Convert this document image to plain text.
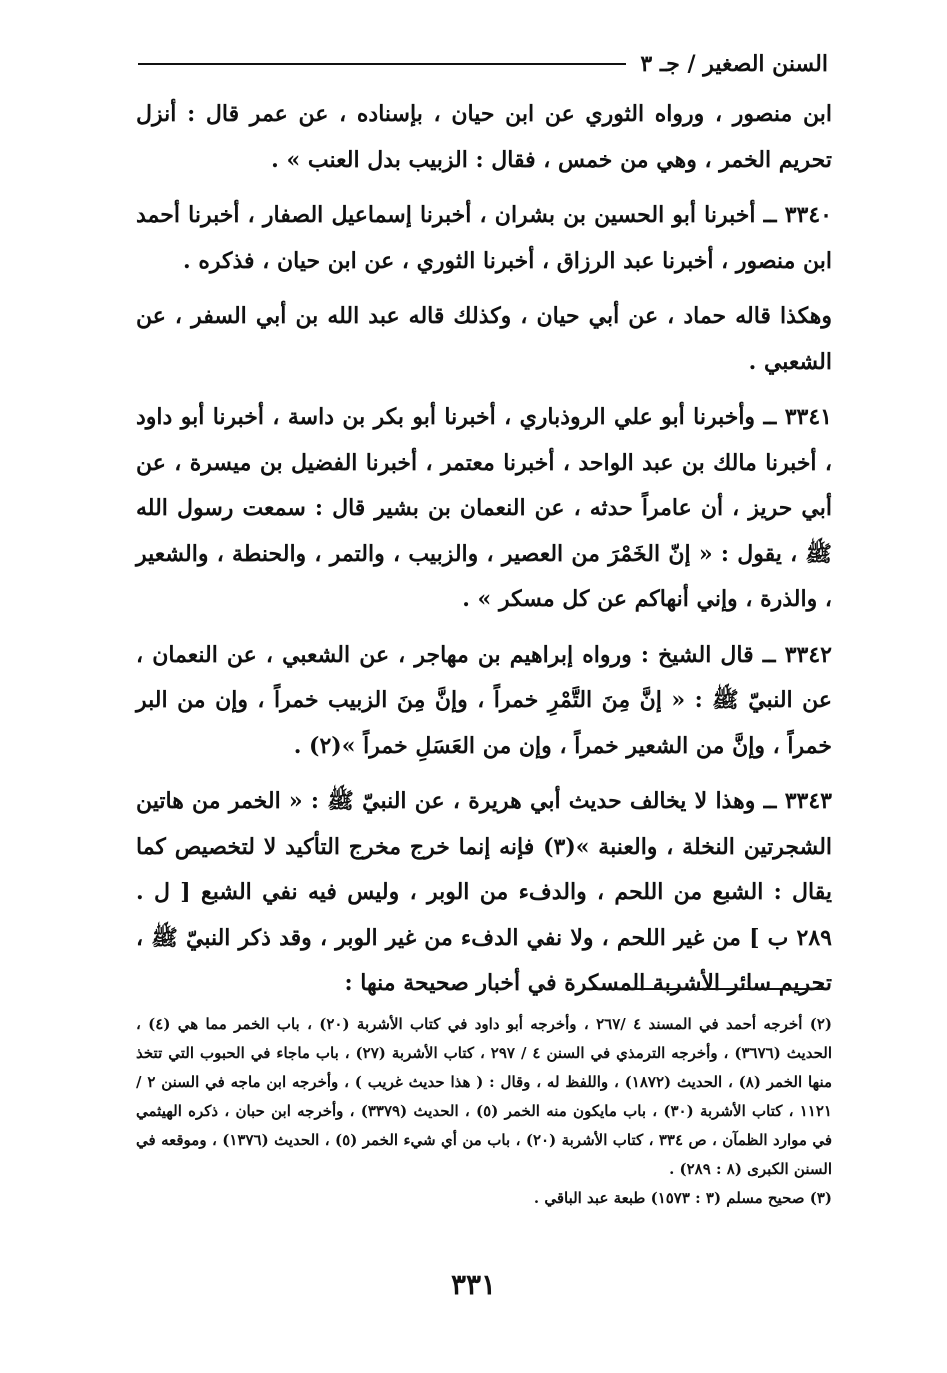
السنن الصغير / جـ ٣

ابن منصور ، ورواه الثوري عن ابن حيان ، بإسناده ، عن عمر قال : أنزل تحريم الخمر ، وهي من خمس ، فقال : الزبيب بدل العنب » .

٣٣٤٠ ــ أخبرنا أبو الحسين بن بشران ، أخبرنا إسماعيل الصفار ، أخبرنا أحمد ابن منصور ، أخبرنا عبد الرزاق ، أخبرنا الثوري ، عن ابن حيان ، فذكره .

وهكذا قاله حماد ، عن أبي حيان ، وكذلك قاله عبد الله بن أبي السفر ، عن الشعبي .

٣٣٤١ ــ وأخبرنا أبو علي الروذباري ، أخبرنا أبو بكر بن داسة ، أخبرنا أبو داود ، أخبرنا مالك بن عبد الواحد ، أخبرنا معتمر ، أخبرنا الفضيل بن ميسرة ، عن أبي حريز ، أن عامراً حدثه ، عن النعمان بن بشير قال : سمعت رسول الله ﷺ ، يقول : « إنّ الخَمْرَ من العصير ، والزبيب ، والتمر ، والحنطة ، والشعير ، والذرة ، وإني أنهاكم عن كل مسكر » .

٣٣٤٢ ــ قال الشيخ : ورواه إبراهيم بن مهاجر ، عن الشعبي ، عن النعمان ، عن النبيّ ﷺ : « إنَّ مِنَ التَّمْرِ خمراً ، وإنَّ مِنَ الزبيب خمراً ، وإن من البر خمراً ، وإنَّ من الشعير خمراً ، وإن من العَسَلِ خمراً »(٢) .

٣٣٤٣ ــ وهذا لا يخالف حديث أبي هريرة ، عن النبيّ ﷺ : « الخمر من هاتين الشجرتين النخلة ، والعنبة »(٣) فإنه إنما خرج مخرج التأكيد لا لتخصيص كما يقال : الشبع من اللحم ، والدفء من الوبر ، وليس فيه نفي الشبع [ ل . ٢٨٩ ب ] من غير اللحم ، ولا نفي الدفء من غير الوبر ، وقد ذكر النبيّ ﷺ ، تحريم سائر الأشربة المسكرة في أخبار صحيحة منها :

(٢) أخرجه أحمد في المسند ٤ /٢٦٧ ، وأخرجه أبو داود في كتاب الأشربة (٢٠) ، باب الخمر مما هي (٤) ، الحديث (٣٦٧٦) ، وأخرجه الترمذي في السنن ٤ / ٢٩٧ ، كتاب الأشربة (٢٧) ، باب ماجاء في الحبوب التي تتخذ منها الخمر (٨) ، الحديث (١٨٧٢) ، واللفظ له ، وقال : ( هذا حديث غريب ) ، وأخرجه ابن ماجه في السنن ٢ / ١١٢١ ، كتاب الأشربة (٣٠) ، باب مايكون منه الخمر (٥) ، الحديث (٣٣٧٩) ، وأخرجه ابن حبان ، ذكره الهيثمي في موارد الظمآن ، ص ٣٣٤ ، كتاب الأشربة (٢٠) ، باب من أي شيء الخمر (٥) ، الحديث (١٣٧٦) ، وموقعه في السنن الكبرى (٨ : ٢٨٩) .

(٣) صحيح مسلم (٣ : ١٥٧٣) طبعة عبد الباقي .

٣٣١
